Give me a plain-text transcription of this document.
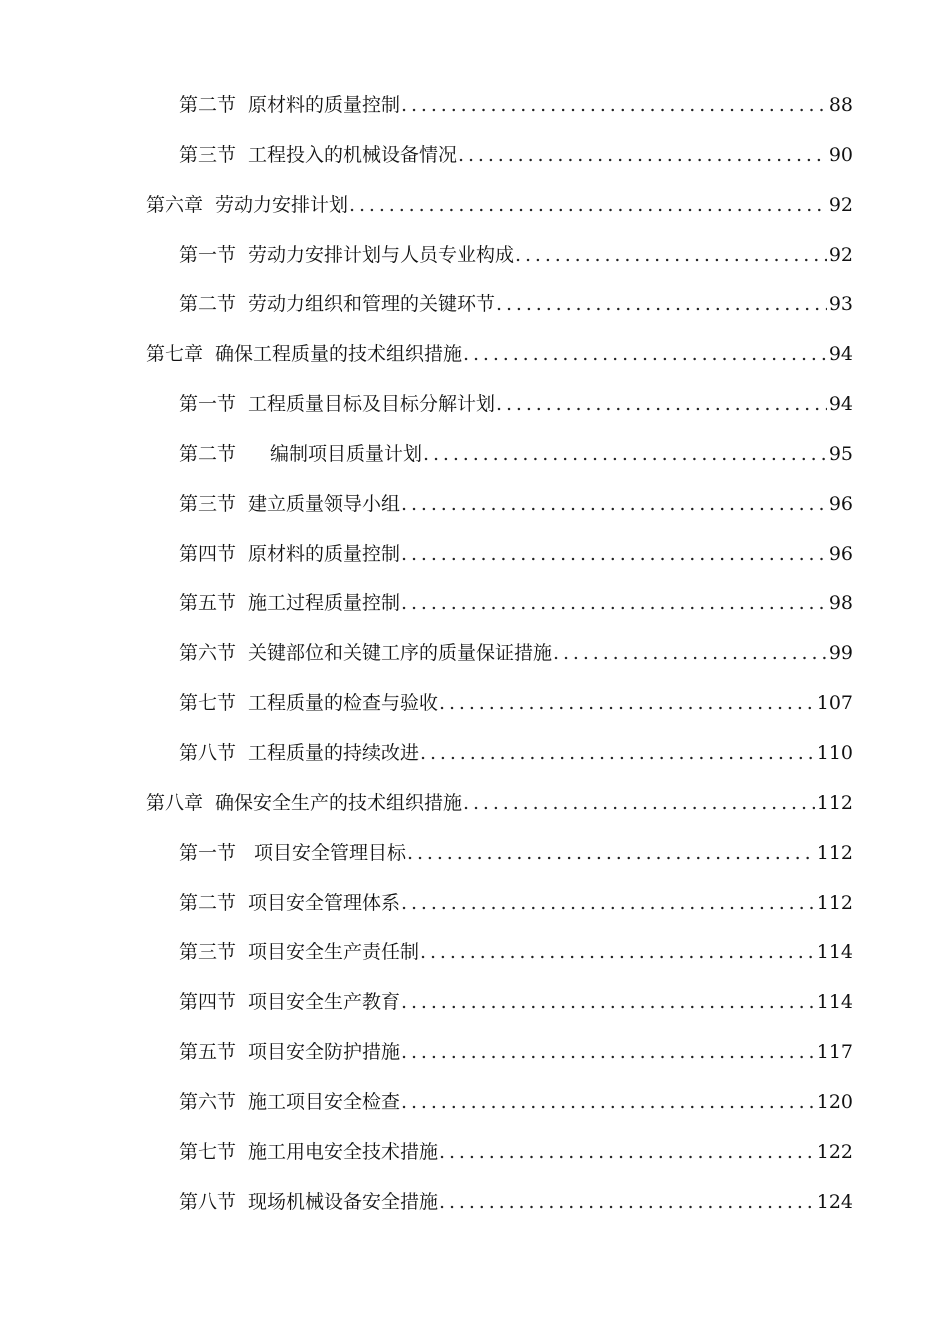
第二节 原材料的质量控制 .....	88
第三节 工程投入的机械设备情况 .....	90
第六章 劳动力安排计划 .....	92
第一节 劳动力安排计划与人员专业构成 .....	92
第二节 劳动力组织和管理的关键环节 .....	93
第七章 确保工程质量的技术组织措施 .....	94
第一节 工程质量目标及目标分解计划 .....	94
第二节 编制项目质量计划 .....	95
第三节 建立质量领导小组 .....	96
第四节 原材料的质量控制 .....	96
第五节 施工过程质量控制 .....	98
第六节 关键部位和关键工序的质量保证措施 .....	99
第七节 工程质量的检查与验收 .....	107
第八节 工程质量的持续改进 .....	110
第八章 确保安全生产的技术组织措施 .....	112
第一节 项目安全管理目标 .....	112
第二节 项目安全管理体系 .....	112
第三节 项目安全生产责任制 .....	114
第四节 项目安全生产教育 .....	114
第五节 项目安全防护措施 .....	117
第六节 施工项目安全检查 .....	120
第七节 施工用电安全技术措施 .....	122
第八节 现场机械设备安全措施 .....	124
